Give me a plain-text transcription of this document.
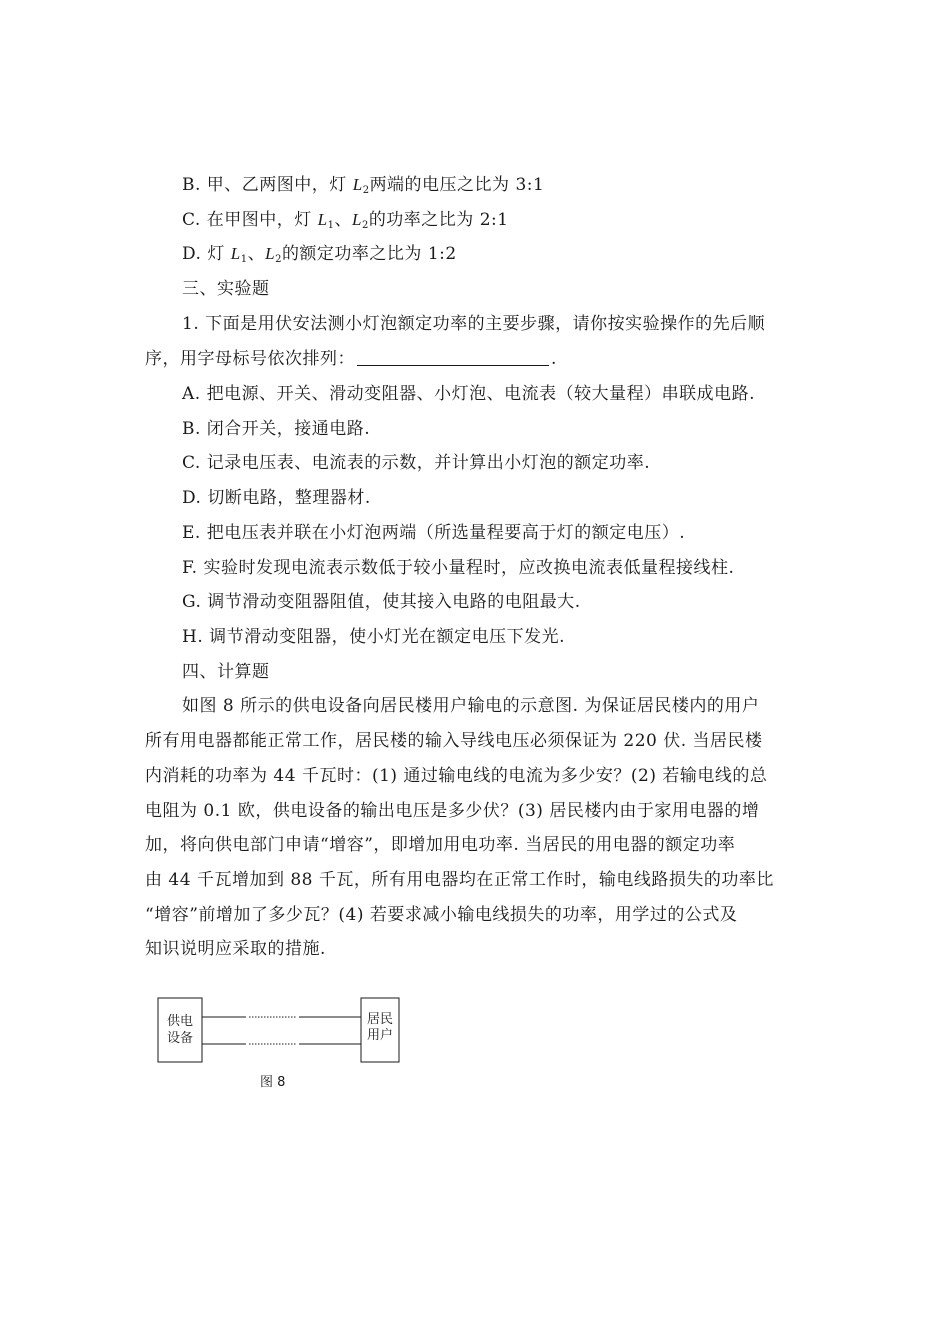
B. 甲、乙两图中，灯 $L_2$两端的电压之比为 3:1
C. 在甲图中，灯 $L_1$、$L_2$的功率之比为 2:1
D. 灯 $L_1$、$L_2$的额定功率之比为 1:2
三、实验题
1. 下面是用伏安法测小灯泡额定功率的主要步骤，请你按实验操作的先后顺
序，用字母标号依次排列：	.
A. 把电源、开关、滑动变阻器、小灯泡、电流表（较大量程）串联成电路.
B. 闭合开关，接通电路.
C. 记录电压表、电流表的示数，并计算出小灯泡的额定功率.
D. 切断电路，整理器材.
E. 把电压表并联在小灯泡两端（所选量程要高于灯的额定电压）.
F. 实验时发现电流表示数低于较小量程时，应改换电流表低量程接线柱.
G. 调节滑动变阻器阻值，使其接入电路的电阻最大.
H. 调节滑动变阻器，使小灯光在额定电压下发光.
四、计算题
如图 8 所示的供电设备向居民楼用户输电的示意图. 为保证居民楼内的用户
所有用电器都能正常工作，居民楼的输入导线电压必须保证为 220 伏. 当居民楼
内消耗的功率为 44 千瓦时：(1) 通过输电线的电流为多少安？(2) 若输电线的总
电阻为 0.1 欧，供电设备的输出电压是多少伏？(3) 居民楼内由于家用电器的增
加，将向供电部门申请“增容”，即增加用电功率. 当居民的用电器的额定功率
由 44 千瓦增加到 88 千瓦，所有用电器均在正常工作时，输电线路损失的功率比
“增容”前增加了多少瓦？(4) 若要求减小输电线损失的功率，用学过的公式及
知识说明应采取的措施.
供电
设备
居民
用户
图 8
